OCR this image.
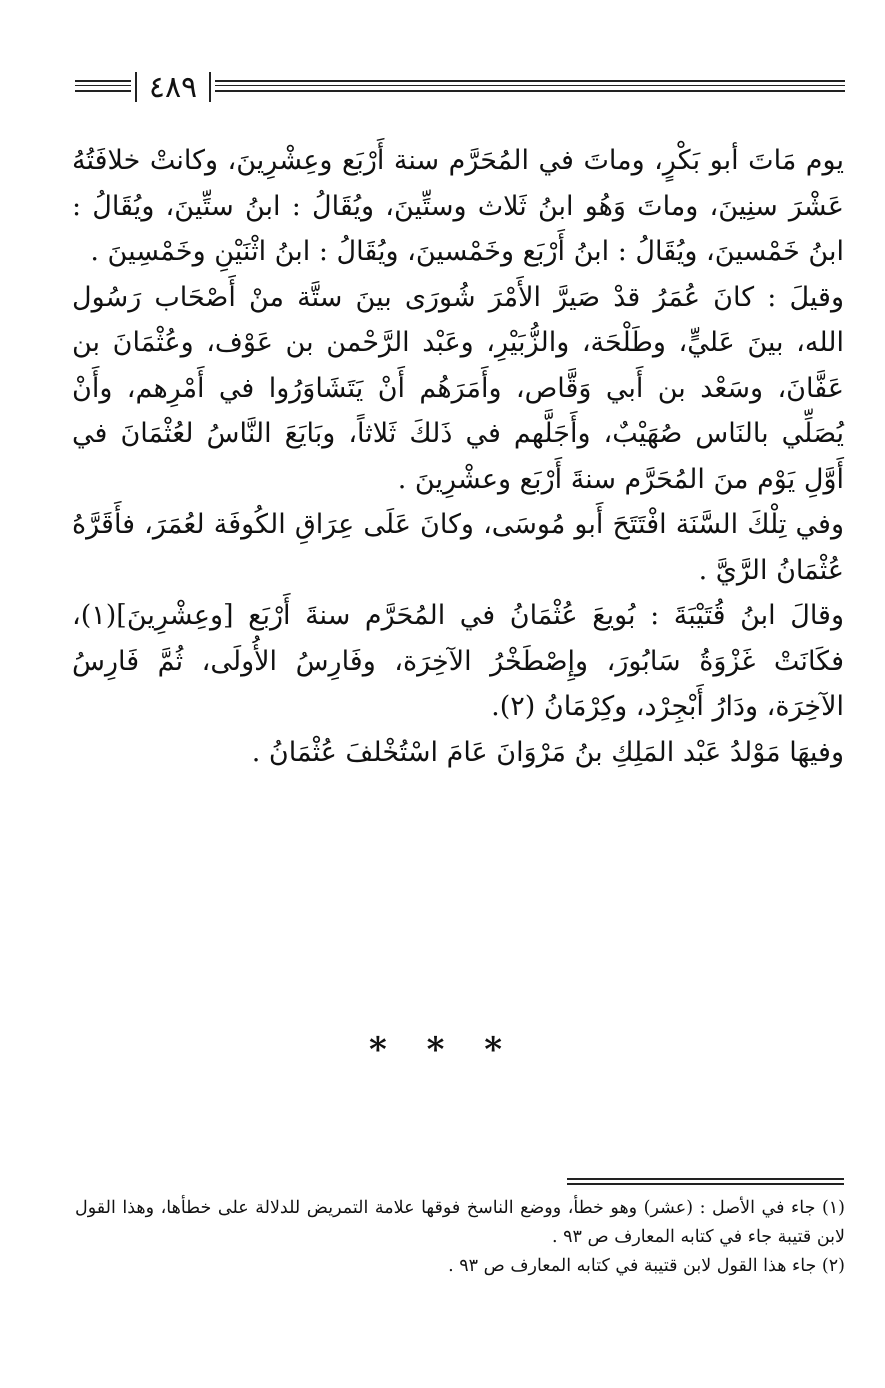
٤٨٩

يوم مَاتَ أبو بَكْرٍ، وماتَ في المُحَرَّم سنة أَرْبَع وعِشْرِينَ، وكانتْ خلافَتُهُ عَشْرَ سنِينَ، وماتَ وَهُو ابنُ ثَلاث وستِّينَ، ويُقَالُ : ابنُ ستِّينَ، ويُقَالُ : ابنُ خَمْسينَ، ويُقَالُ : ابنُ أَرْبَع وخَمْسينَ، ويُقَالُ : ابنُ اثْنَيْنِ وخَمْسِينَ .

وقيلَ : كانَ عُمَرُ قدْ صَيرَّ الأَمْرَ شُورَى بينَ ستَّة منْ أَصْحَاب رَسُول الله، بينَ عَليٍّ، وطَلْحَة، والزُّبَيْرِ، وعَبْد الرَّحْمن بن عَوْف، وعُثْمَانَ بن عَفَّانَ، وسَعْد بن أَبي وَقَّاص، وأَمَرَهُم أَنْ يَتَشَاوَرُوا في أَمْرِهم، وأَنْ يُصَلِّي بالنَاس صُهَيْبٌ، وأَجَلَّهم في ذَلكَ ثَلاثاً، وبَايَعَ النَّاسُ لعُثْمَانَ في أَوَّلِ يَوْم منَ المُحَرَّم سنةَ أَرْبَع وعشْرِينَ .

وفي تِلْكَ السَّنَة افْتَتَحَ أَبو مُوسَى، وكانَ عَلَى عِرَاقِ الكُوفَة لعُمَرَ، فأَقَرَّهُ عُثْمَانُ الرَّيَّ .

وقالَ ابنُ قُتَيْبَةَ : بُويعَ عُثْمَانُ في المُحَرَّم سنةَ أَرْبَع [وعِشْرِينَ](١)، فكَانَتْ غَزْوَةُ سَابُورَ، وإِصْطَخْرُ الآخِرَة، وفَارِسُ الأُولَى، ثُمَّ فَارِسُ الآخِرَة، ودَارُ أَبْجِرْد، وكِرْمَانُ (٢).

وفيهَا مَوْلدُ عَبْد المَلِكِ بنُ مَرْوَانَ عَامَ اسْتُخْلفَ عُثْمَانُ .

* * *

(١) جاء في الأصل : (عشر) وهو خطأ، ووضع الناسخ فوقها علامة التمريض للدلالة على خطأها، وهذا القول لابن قتيبة جاء في كتابه المعارف ص ٩٣ .

(٢) جاء هذا القول لابن قتيبة في كتابه المعارف ص ٩٣ .
